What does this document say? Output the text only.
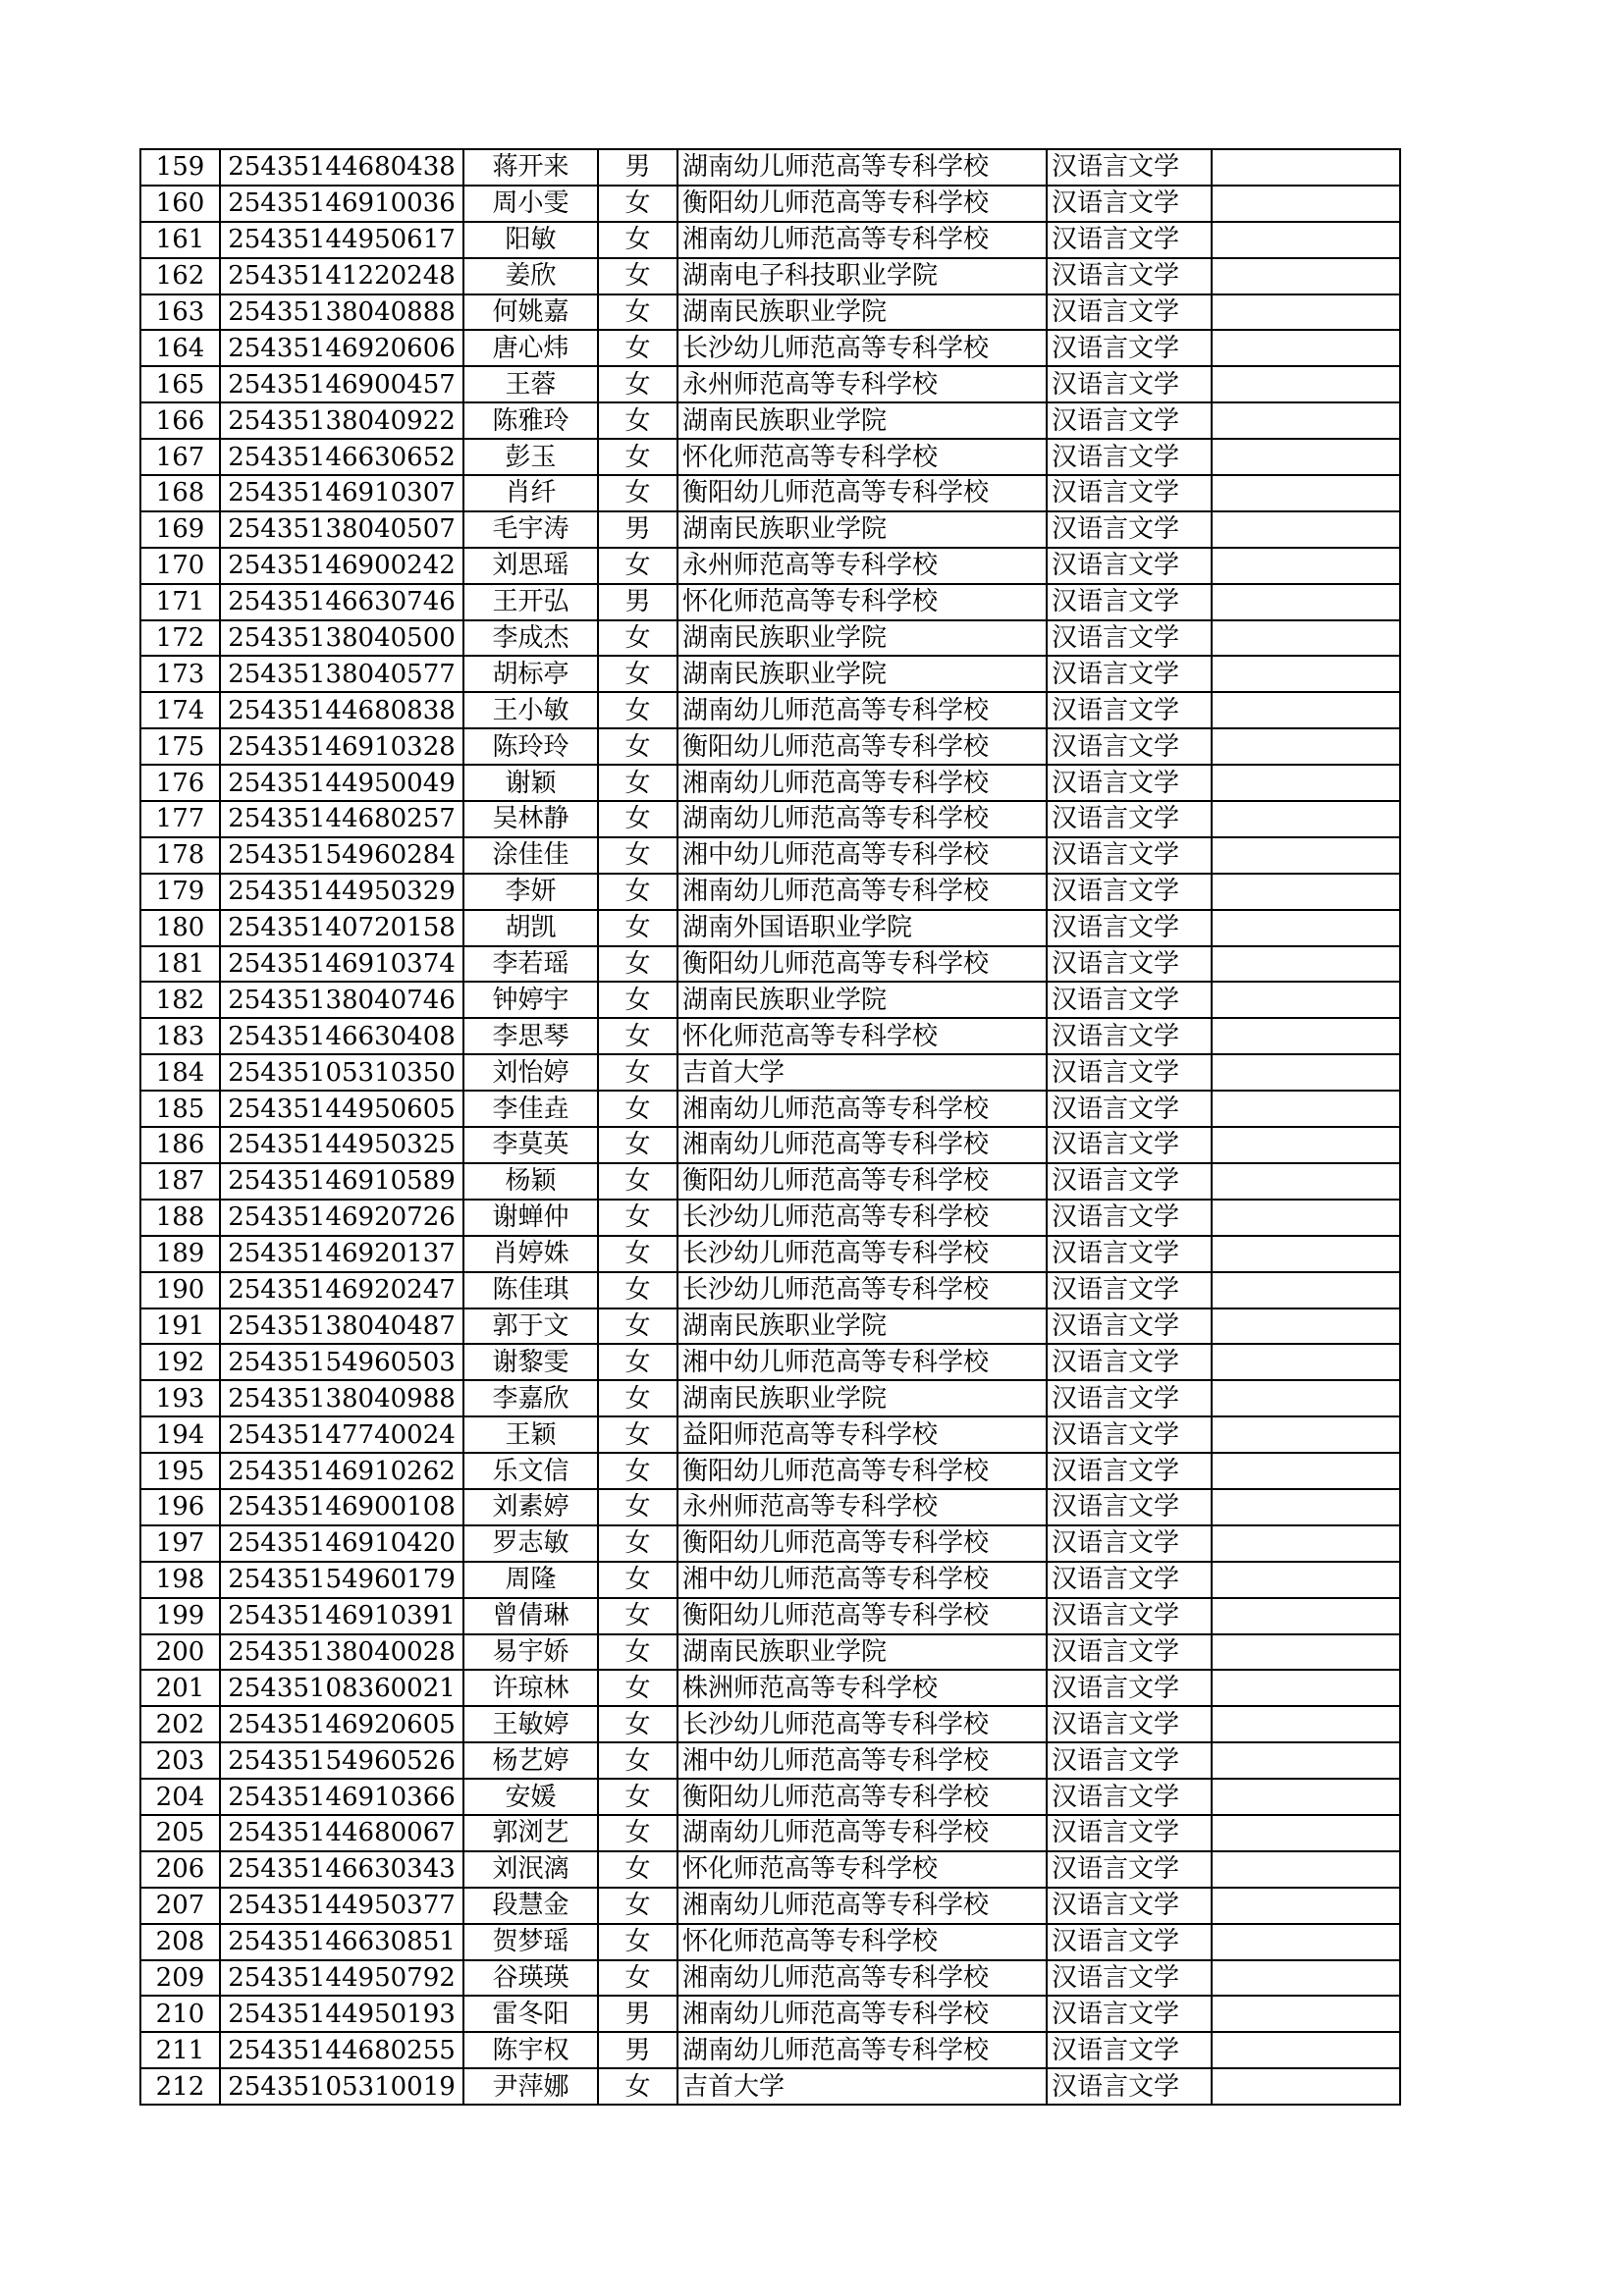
159	25435144680438	蒋开来	男	湖南幼儿师范高等专科学校	汉语言文学	
160	25435146910036	周小雯	女	衡阳幼儿师范高等专科学校	汉语言文学	
161	25435144950617	阳敏	女	湘南幼儿师范高等专科学校	汉语言文学	
162	25435141220248	姜欣	女	湖南电子科技职业学院	汉语言文学	
163	25435138040888	何姚嘉	女	湖南民族职业学院	汉语言文学	
164	25435146920606	唐心炜	女	长沙幼儿师范高等专科学校	汉语言文学	
165	25435146900457	王蓉	女	永州师范高等专科学校	汉语言文学	
166	25435138040922	陈雅玲	女	湖南民族职业学院	汉语言文学	
167	25435146630652	彭玉	女	怀化师范高等专科学校	汉语言文学	
168	25435146910307	肖纤	女	衡阳幼儿师范高等专科学校	汉语言文学	
169	25435138040507	毛宇涛	男	湖南民族职业学院	汉语言文学	
170	25435146900242	刘思瑶	女	永州师范高等专科学校	汉语言文学	
171	25435146630746	王开弘	男	怀化师范高等专科学校	汉语言文学	
172	25435138040500	李成杰	女	湖南民族职业学院	汉语言文学	
173	25435138040577	胡标亭	女	湖南民族职业学院	汉语言文学	
174	25435144680838	王小敏	女	湖南幼儿师范高等专科学校	汉语言文学	
175	25435146910328	陈玲玲	女	衡阳幼儿师范高等专科学校	汉语言文学	
176	25435144950049	谢颖	女	湘南幼儿师范高等专科学校	汉语言文学	
177	25435144680257	吴林静	女	湖南幼儿师范高等专科学校	汉语言文学	
178	25435154960284	涂佳佳	女	湘中幼儿师范高等专科学校	汉语言文学	
179	25435144950329	李妍	女	湘南幼儿师范高等专科学校	汉语言文学	
180	25435140720158	胡凯	女	湖南外国语职业学院	汉语言文学	
181	25435146910374	李若瑶	女	衡阳幼儿师范高等专科学校	汉语言文学	
182	25435138040746	钟婷宇	女	湖南民族职业学院	汉语言文学	
183	25435146630408	李思琴	女	怀化师范高等专科学校	汉语言文学	
184	25435105310350	刘怡婷	女	吉首大学	汉语言文学	
185	25435144950605	李佳垚	女	湘南幼儿师范高等专科学校	汉语言文学	
186	25435144950325	李莫英	女	湘南幼儿师范高等专科学校	汉语言文学	
187	25435146910589	杨颖	女	衡阳幼儿师范高等专科学校	汉语言文学	
188	25435146920726	谢蝉仲	女	长沙幼儿师范高等专科学校	汉语言文学	
189	25435146920137	肖婷姝	女	长沙幼儿师范高等专科学校	汉语言文学	
190	25435146920247	陈佳琪	女	长沙幼儿师范高等专科学校	汉语言文学	
191	25435138040487	郭于文	女	湖南民族职业学院	汉语言文学	
192	25435154960503	谢黎雯	女	湘中幼儿师范高等专科学校	汉语言文学	
193	25435138040988	李嘉欣	女	湖南民族职业学院	汉语言文学	
194	25435147740024	王颖	女	益阳师范高等专科学校	汉语言文学	
195	25435146910262	乐文信	女	衡阳幼儿师范高等专科学校	汉语言文学	
196	25435146900108	刘素婷	女	永州师范高等专科学校	汉语言文学	
197	25435146910420	罗志敏	女	衡阳幼儿师范高等专科学校	汉语言文学	
198	25435154960179	周隆	女	湘中幼儿师范高等专科学校	汉语言文学	
199	25435146910391	曾倩琳	女	衡阳幼儿师范高等专科学校	汉语言文学	
200	25435138040028	易宇娇	女	湖南民族职业学院	汉语言文学	
201	25435108360021	许琼林	女	株洲师范高等专科学校	汉语言文学	
202	25435146920605	王敏婷	女	长沙幼儿师范高等专科学校	汉语言文学	
203	25435154960526	杨艺婷	女	湘中幼儿师范高等专科学校	汉语言文学	
204	25435146910366	安媛	女	衡阳幼儿师范高等专科学校	汉语言文学	
205	25435144680067	郭浏艺	女	湖南幼儿师范高等专科学校	汉语言文学	
206	25435146630343	刘泯漓	女	怀化师范高等专科学校	汉语言文学	
207	25435144950377	段慧金	女	湘南幼儿师范高等专科学校	汉语言文学	
208	25435146630851	贺梦瑶	女	怀化师范高等专科学校	汉语言文学	
209	25435144950792	谷瑛瑛	女	湘南幼儿师范高等专科学校	汉语言文学	
210	25435144950193	雷冬阳	男	湘南幼儿师范高等专科学校	汉语言文学	
211	25435144680255	陈宇权	男	湖南幼儿师范高等专科学校	汉语言文学	
212	25435105310019	尹萍娜	女	吉首大学	汉语言文学	
